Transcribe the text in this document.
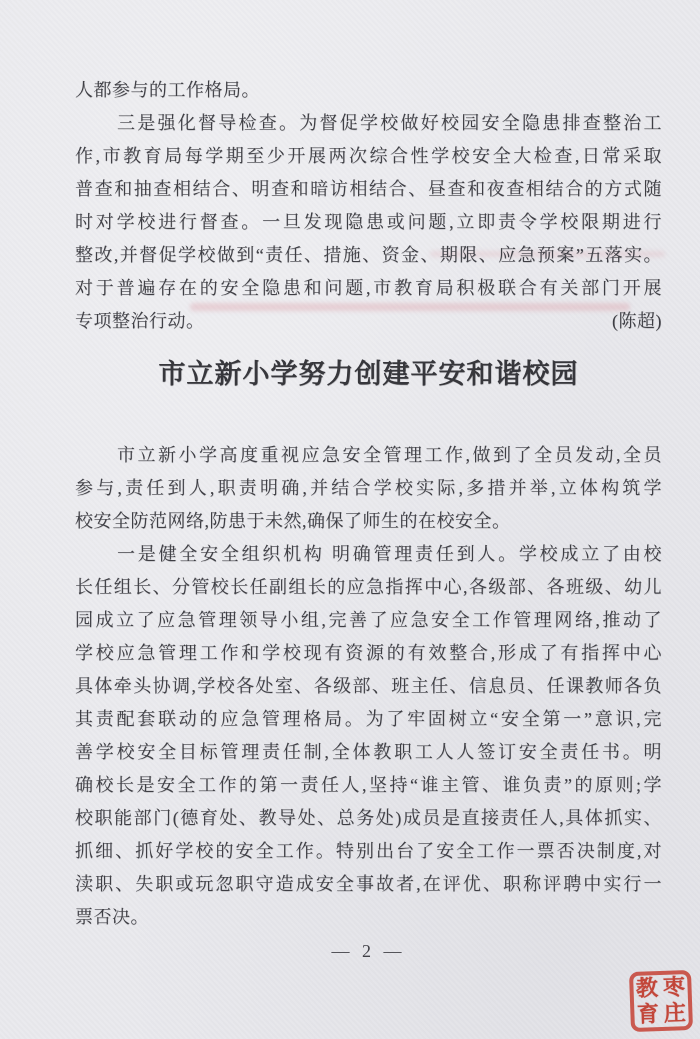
人都参与的工作格局。
三是强化督导检查。为督促学校做好校园安全隐患排查整治工
作,市教育局每学期至少开展两次综合性学校安全大检查,日常采取
普查和抽查相结合、明查和暗访相结合、昼查和夜查相结合的方式随
时对学校进行督查。一旦发现隐患或问题,立即责令学校限期进行
整改,并督促学校做到“责任、措施、资金、期限、应急预案”五落实。
对于普遍存在的安全隐患和问题,市教育局积极联合有关部门开展
专项整治行动。	(陈超)
市立新小学努力创建平安和谐校园
市立新小学高度重视应急安全管理工作,做到了全员发动,全员
参与,责任到人,职责明确,并结合学校实际,多措并举,立体构筑学
校安全防范网络,防患于未然,确保了师生的在校安全。
一是健全安全组织机构 明确管理责任到人。学校成立了由校
长任组长、分管校长任副组长的应急指挥中心,各级部、各班级、幼儿
园成立了应急管理领导小组,完善了应急安全工作管理网络,推动了
学校应急管理工作和学校现有资源的有效整合,形成了有指挥中心
具体牵头协调,学校各处室、各级部、班主任、信息员、任课教师各负
其责配套联动的应急管理格局。为了牢固树立“安全第一”意识,完
善学校安全目标管理责任制,全体教职工人人签订安全责任书。明
确校长是安全工作的第一责任人,坚持“谁主管、谁负责”的原则;学
校职能部门(德育处、教导处、总务处)成员是直接责任人,具体抓实、
抓细、抓好学校的安全工作。特别出台了安全工作一票否决制度,对
渎职、失职或玩忽职守造成安全事故者,在评优、职称评聘中实行一
票否决。
— 2 —
教 枣
育 庄
